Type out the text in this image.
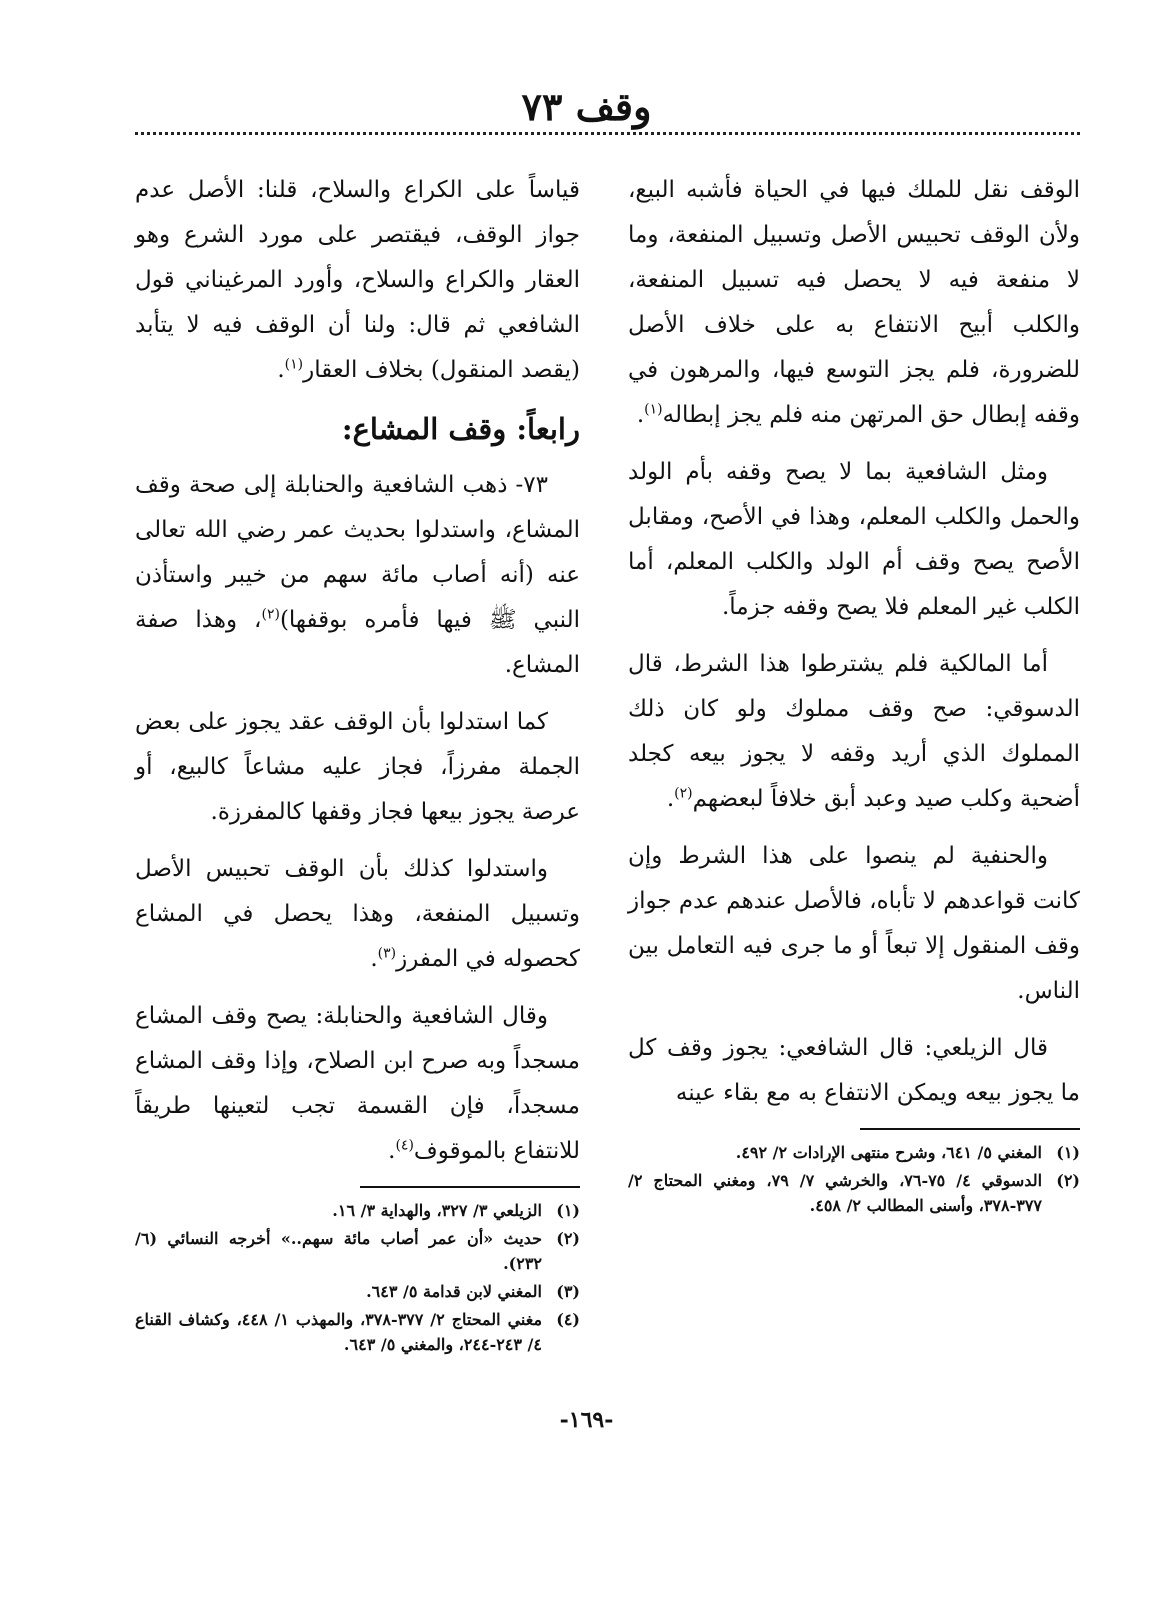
وقف ٧٣

الوقف نقل للملك فيها في الحياة فأشبه البيع، ولأن الوقف تحبيس الأصل وتسبيل المنفعة، وما لا منفعة فيه لا يحصل فيه تسبيل المنفعة، والكلب أبيح الانتفاع به على خلاف الأصل للضرورة، فلم يجز التوسع فيها، والمرهون في وقفه إبطال حق المرتهن منه فلم يجز إبطاله$^{(١)}$.

ومثل الشافعية بما لا يصح وقفه بأم الولد والحمل والكلب المعلم، وهذا في الأصح، ومقابل الأصح يصح وقف أم الولد والكلب المعلم، أما الكلب غير المعلم فلا يصح وقفه جزماً.

أما المالكية فلم يشترطوا هذا الشرط، قال الدسوقي: صح وقف مملوك ولو كان ذلك المملوك الذي أريد وقفه لا يجوز بيعه كجلد أضحية وكلب صيد وعبد أبق خلافاً لبعضهم$^{(٢)}$.

والحنفية لم ينصوا على هذا الشرط وإن كانت قواعدهم لا تأباه، فالأصل عندهم عدم جواز وقف المنقول إلا تبعاً أو ما جرى فيه التعامل بين الناس.

قال الزيلعي: قال الشافعي: يجوز وقف كل ما يجوز بيعه ويمكن الانتفاع به مع بقاء عينه

(١)
المغني ٥/ ٦٤١، وشرح منتهى الإرادات ٢/ ٤٩٢.
(٢)
الدسوقي ٤/ ٧٥-٧٦، والخرشي ٧/ ٧٩، ومغني المحتاج ٢/ ٣٧٧-٣٧٨، وأسنى المطالب ٢/ ٤٥٨.

قياساً على الكراع والسلاح، قلنا: الأصل عدم جواز الوقف، فيقتصر على مورد الشرع وهو العقار والكراع والسلاح، وأورد المرغيناني قول الشافعي ثم قال: ولنا أن الوقف فيه لا يتأبد (يقصد المنقول) بخلاف العقار$^{(١)}$.

رابعاً: وقف المشاع:

٧٣- ذهب الشافعية والحنابلة إلى صحة وقف المشاع، واستدلوا بحديث عمر رضي الله تعالى عنه (أنه أصاب مائة سهم من خيبر واستأذن النبي ﷺ فيها فأمره بوقفها)$^{(٢)}$، وهذا صفة المشاع.

كما استدلوا بأن الوقف عقد يجوز على بعض الجملة مفرزاً، فجاز عليه مشاعاً كالبيع، أو عرصة يجوز بيعها فجاز وقفها كالمفرزة.

واستدلوا كذلك بأن الوقف تحبيس الأصل وتسبيل المنفعة، وهذا يحصل في المشاع كحصوله في المفرز$^{(٣)}$.

وقال الشافعية والحنابلة: يصح وقف المشاع مسجداً وبه صرح ابن الصلاح، وإذا وقف المشاع مسجداً، فإن القسمة تجب لتعينها طريقاً للانتفاع بالموقوف$^{(٤)}$.

(١)
الزيلعي ٣/ ٣٢٧، والهداية ٣/ ١٦.
(٢)
حديث «أن عمر أصاب مائة سهم..» أخرجه النسائي (٦/ ٢٣٢).
(٣)
المغني لابن قدامة ٥/ ٦٤٣.
(٤)
مغني المحتاج ٢/ ٣٧٧-٣٧٨، والمهذب ١/ ٤٤٨، وكشاف القناع ٤/ ٢٤٣-٢٤٤، والمغني ٥/ ٦٤٣.
-١٦٩-
